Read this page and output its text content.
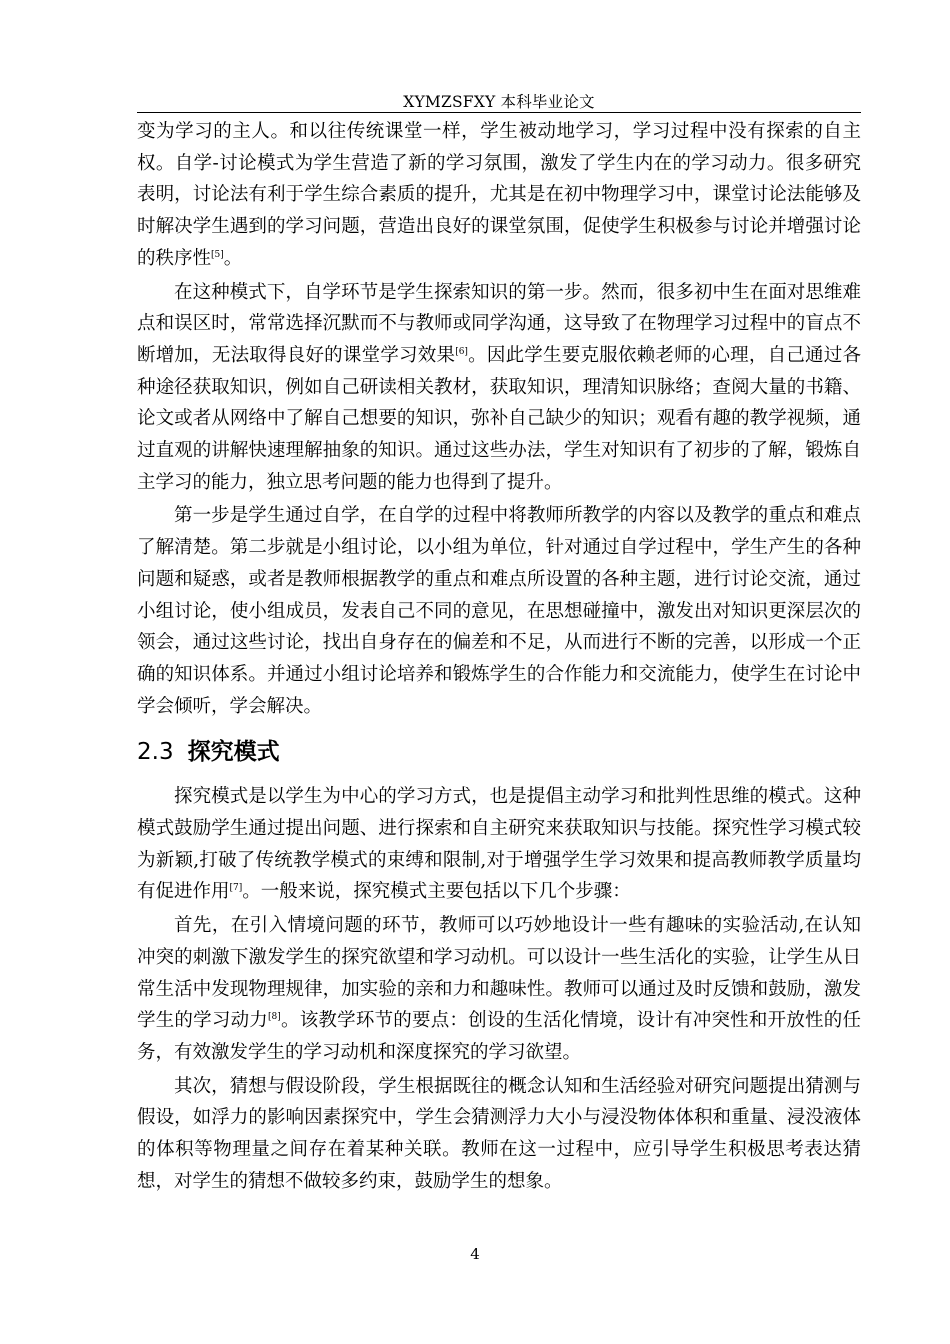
XYMZSFXY 本科毕业论文

变为学习的主人。和以往传统课堂一样，学生被动地学习，学习过程中没有探索的自主权。自学-讨论模式为学生营造了新的学习氛围，激发了学生内在的学习动力。很多研究表明，讨论法有利于学生综合素质的提升，尤其是在初中物理学习中，课堂讨论法能够及时解决学生遇到的学习问题，营造出良好的课堂氛围，促使学生积极参与讨论并增强讨论的秩序性[5]。

在这种模式下，自学环节是学生探索知识的第一步。然而，很多初中生在面对思维难点和误区时，常常选择沉默而不与教师或同学沟通，这导致了在物理学习过程中的盲点不断增加，无法取得良好的课堂学习效果[6]。因此学生要克服依赖老师的心理，自己通过各种途径获取知识，例如自己研读相关教材，获取知识，理清知识脉络；查阅大量的书籍、论文或者从网络中了解自己想要的知识，弥补自己缺少的知识；观看有趣的教学视频，通过直观的讲解快速理解抽象的知识。通过这些办法，学生对知识有了初步的了解，锻炼自主学习的能力，独立思考问题的能力也得到了提升。

第一步是学生通过自学，在自学的过程中将教师所教学的内容以及教学的重点和难点了解清楚。第二步就是小组讨论，以小组为单位，针对通过自学过程中，学生产生的各种问题和疑惑，或者是教师根据教学的重点和难点所设置的各种主题，进行讨论交流，通过小组讨论，使小组成员，发表自己不同的意见，在思想碰撞中，激发出对知识更深层次的领会，通过这些讨论，找出自身存在的偏差和不足，从而进行不断的完善，以形成一个正确的知识体系。并通过小组讨论培养和锻炼学生的合作能力和交流能力，使学生在讨论中学会倾听，学会解决。

2.3 探究模式

探究模式是以学生为中心的学习方式，也是提倡主动学习和批判性思维的模式。这种模式鼓励学生通过提出问题、进行探索和自主研究来获取知识与技能。探究性学习模式较为新颖,打破了传统教学模式的束缚和限制,对于增强学生学习效果和提高教师教学质量均有促进作用[7]。一般来说，探究模式主要包括以下几个步骤：

首先，在引入情境问题的环节，教师可以巧妙地设计一些有趣味的实验活动,在认知冲突的刺激下激发学生的探究欲望和学习动机。可以设计一些生活化的实验，让学生从日常生活中发现物理规律，加实验的亲和力和趣味性。教师可以通过及时反馈和鼓励，激发学生的学习动力[8]。该教学环节的要点：创设的生活化情境，设计有冲突性和开放性的任务，有效激发学生的学习动机和深度探究的学习欲望。

其次，猜想与假设阶段，学生根据既往的概念认知和生活经验对研究问题提出猜测与假设，如浮力的影响因素探究中，学生会猜测浮力大小与浸没物体体积和重量、浸没液体的体积等物理量之间存在着某种关联。教师在这一过程中，应引导学生积极思考表达猜想，对学生的猜想不做较多约束，鼓励学生的想象。

4
